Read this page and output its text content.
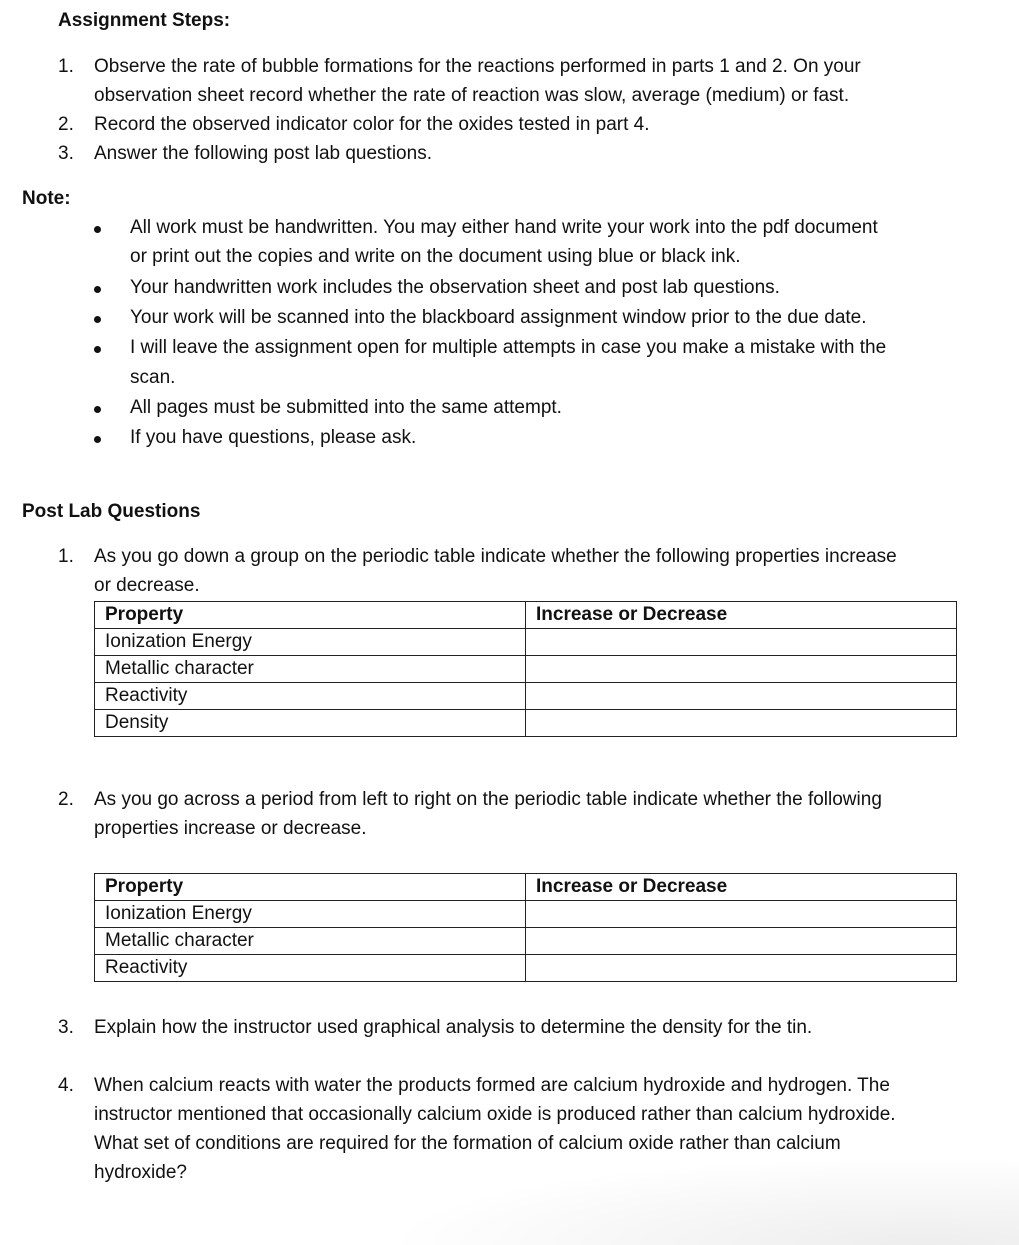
Assignment Steps:
1. Observe the rate of bubble formations for the reactions performed in parts 1 and 2. On your
observation sheet record whether the rate of reaction was slow, average (medium) or fast.
2. Record the observed indicator color for the oxides tested in part 4.
3. Answer the following post lab questions.
Note:
All work must be handwritten. You may either hand write your work into the pdf document
or print out the copies and write on the document using blue or black ink.
Your handwritten work includes the observation sheet and post lab questions.
Your work will be scanned into the blackboard assignment window prior to the due date.
I will leave the assignment open for multiple attempts in case you make a mistake with the
scan.
All pages must be submitted into the same attempt.
If you have questions, please ask.
Post Lab Questions
1. As you go down a group on the periodic table indicate whether the following properties increase
or decrease.
Property	Increase or Decrease
Ionization Energy	
Metallic character	
Reactivity	
Density	
2. As you go across a period from left to right on the periodic table indicate whether the following
properties increase or decrease.
Property	Increase or Decrease
Ionization Energy	
Metallic character	
Reactivity	
3. Explain how the instructor used graphical analysis to determine the density for the tin.
4. When calcium reacts with water the products formed are calcium hydroxide and hydrogen. The
instructor mentioned that occasionally calcium oxide is produced rather than calcium hydroxide.
What set of conditions are required for the formation of calcium oxide rather than calcium
hydroxide?
